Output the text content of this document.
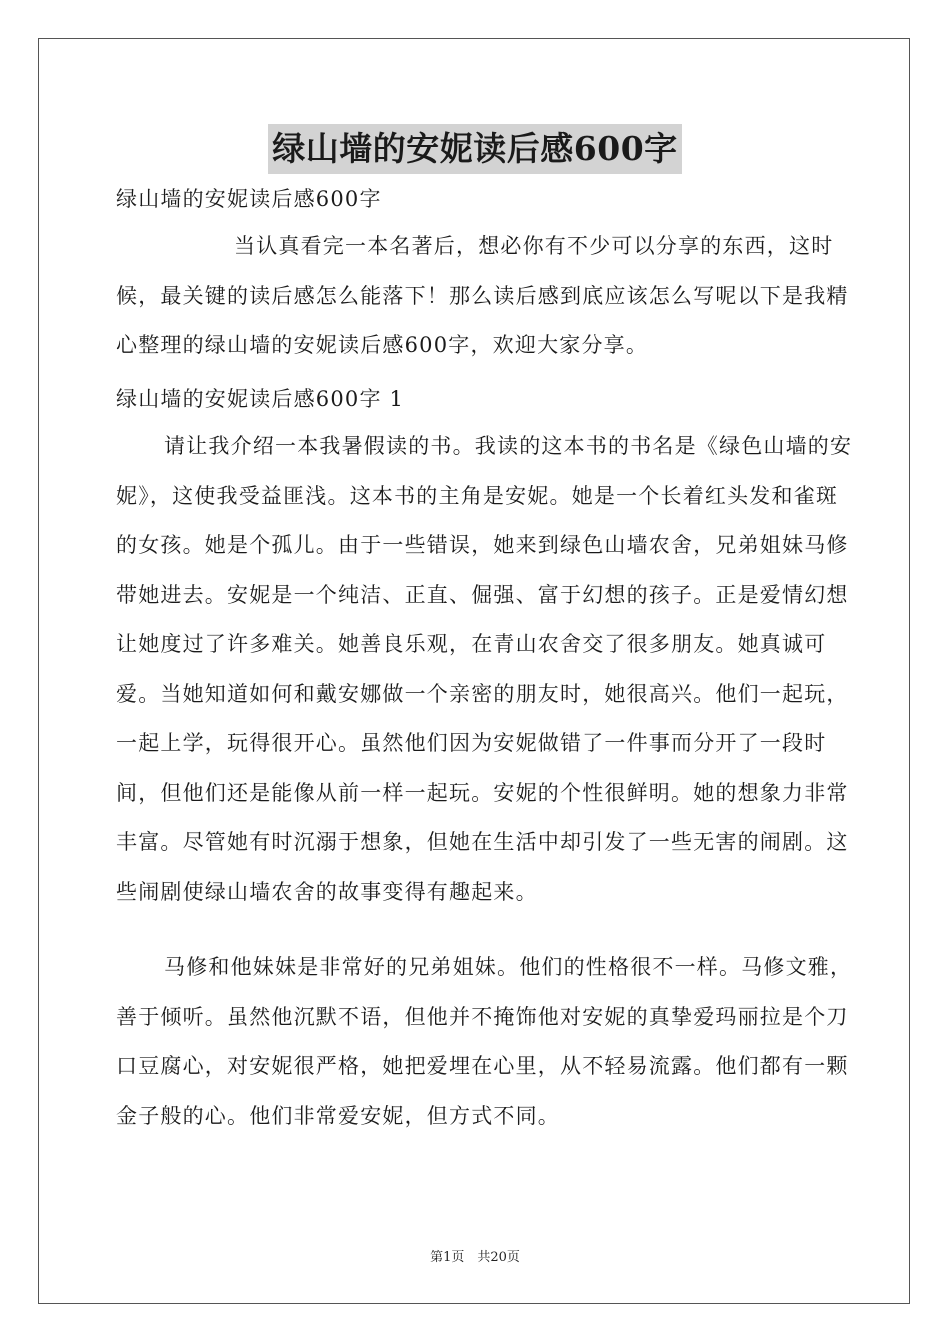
绿山墙的安妮读后感600字

绿山墙的安妮读后感600字

当认真看完一本名著后，想必你有不少可以分享的东西，这时候，最关键的读后感怎么能落下！那么读后感到底应该怎么写呢以下是我精心整理的绿山墙的安妮读后感600字，欢迎大家分享。

绿山墙的安妮读后感600字 1

请让我介绍一本我暑假读的书。我读的这本书的书名是《绿色山墙的安妮》，这使我受益匪浅。这本书的主角是安妮。她是一个长着红头发和雀斑的女孩。她是个孤儿。由于一些错误，她来到绿色山墙农舍，兄弟姐妹马修带她进去。安妮是一个纯洁、正直、倔强、富于幻想的孩子。正是爱情幻想让她度过了许多难关。她善良乐观，在青山农舍交了很多朋友。她真诚可爱。当她知道如何和戴安娜做一个亲密的朋友时，她很高兴。他们一起玩，一起上学，玩得很开心。虽然他们因为安妮做错了一件事而分开了一段时间，但他们还是能像从前一样一起玩。安妮的个性很鲜明。她的想象力非常丰富。尽管她有时沉溺于想象，但她在生活中却引发了一些无害的闹剧。这些闹剧使绿山墙农舍的故事变得有趣起来。

马修和他妹妹是非常好的兄弟姐妹。他们的性格很不一样。马修文雅，善于倾听。虽然他沉默不语，但他并不掩饰他对安妮的真挚爱玛丽拉是个刀口豆腐心，对安妮很严格，她把爱埋在心里，从不轻易流露。他们都有一颗金子般的心。他们非常爱安妮，但方式不同。

第1页　共20页
